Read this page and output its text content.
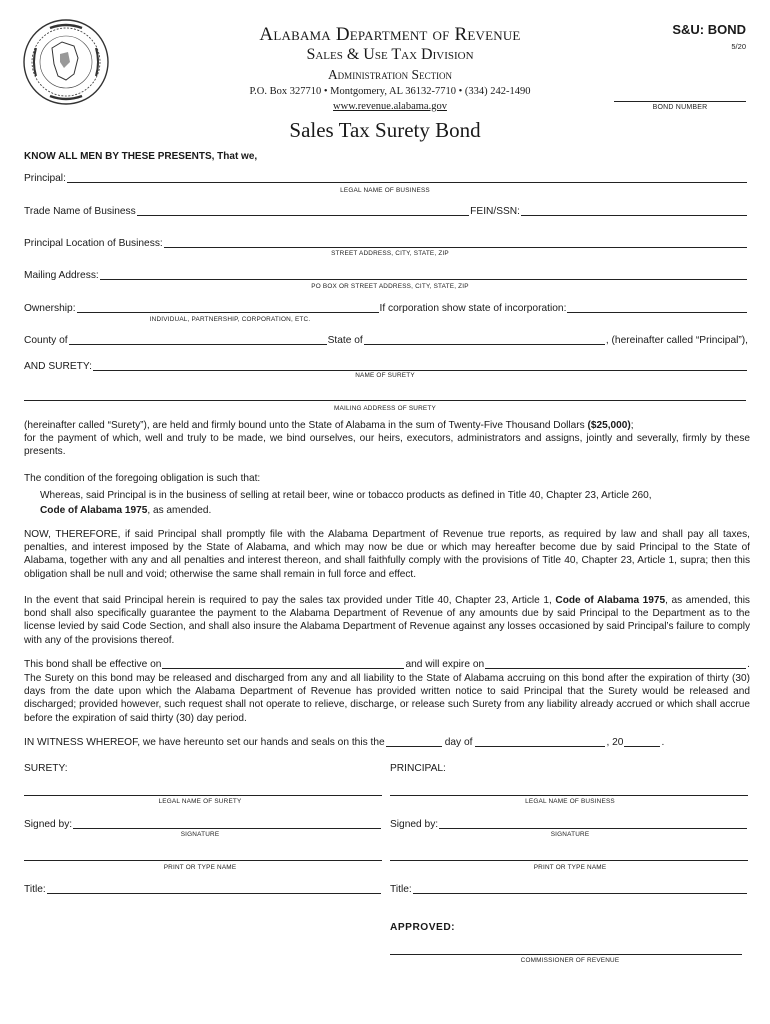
Alabama Department of Revenue
Sales & Use Tax Division
Administration Section
P.O. Box 327710 • Montgomery, AL 36132-7710 • (334) 242-1490
www.revenue.alabama.gov
S&U: BOND
5/20
BOND NUMBER
Sales Tax Surety Bond
KNOW ALL MEN BY THESE PRESENTS, That we,
Principal:
LEGAL NAME OF BUSINESS
Trade Name of Business	FEIN/SSN:
Principal Location of Business:
STREET ADDRESS, CITY, STATE, ZIP
Mailing Address:
PO BOX OR STREET ADDRESS, CITY, STATE, ZIP
Ownership:	If corporation show state of incorporation:
INDIVIDUAL, PARTNERSHIP, CORPORATION, ETC.
County of	State of	, (hereinafter called “Principal”),
AND SURETY:
NAME OF SURETY
MAILING ADDRESS OF SURETY

(hereinafter called “Surety”), are held and firmly bound unto the State of Alabama in the sum of Twenty-Five Thousand Dollars ($25,000);

for the payment of which, well and truly to be made, we bind ourselves, our heirs, executors, administrators and assigns, jointly and severally, firmly by these presents.

The condition of the foregoing obligation is such that:
Whereas, said Principal is in the business of selling at retail beer, wine or tobacco products as defined in Title 40, Chapter 23, Article 260,
Code of Alabama 1975, as amended.
NOW, THEREFORE, if said Principal shall promptly file with the Alabama Department of Revenue true reports, as required by law and shall pay all taxes, penalties, and interest imposed by the State of Alabama, and which may now be due or which may hereafter become due by said Principal to the State of Alabama, together with any and all penalties and interest thereon, and shall faithfully comply with the provisions of Title 40, Chapter 23, Article 1, supra; then this obligation shall be null and void; otherwise the same shall remain in full force and effect.
In the event that said Principal herein is required to pay the sales tax provided under Title 40, Chapter 23, Article 1, Code of Alabama 1975, as amended, this bond shall also specifically guarantee the payment to the Alabama Department of Revenue of any amounts due by said Principal to the Department as to the license levied by said Code Section, and shall also insure the Alabama Department of Revenue against any losses occasioned by said Principal’s failure to comply with any of the provisions thereof.
This bond shall be effective on	and will expire on	.
The Surety on this bond may be released and discharged from any and all liability to the State of Alabama accruing on this bond after the expiration of thirty (30) days from the date upon which the Alabama Department of Revenue has provided written notice to said Principal that the Surety would be released and discharged; provided however, such request shall not operate to relieve, discharge, or release such Surety from any liability already accrued or which shall accrue before the expiration of said thirty (30) day period.
IN WITNESS WHEREOF, we have hereunto set our hands and seals on this the	day of	, 20	.
SURETY:	PRINCIPAL:
LEGAL NAME OF SURETY	LEGAL NAME OF BUSINESS
Signed by:	Signed by:
SIGNATURE	SIGNATURE
PRINT OR TYPE NAME	PRINT OR TYPE NAME
Title:	Title:
APPROVED:
COMMISSIONER OF REVENUE
